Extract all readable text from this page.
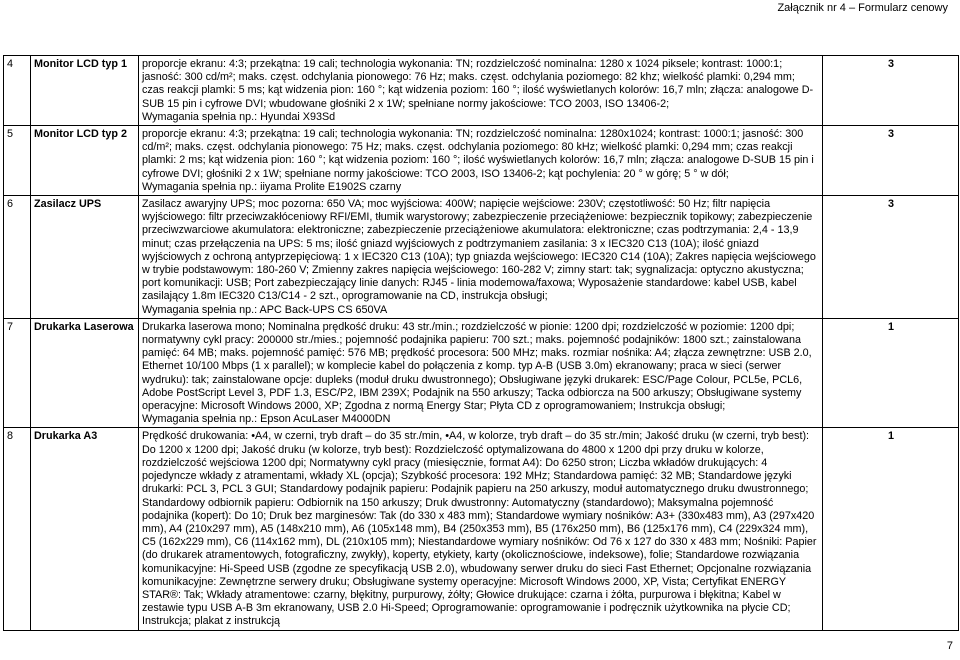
Załącznik nr 4 – Formularz cenowy
4	Monitor LCD typ 1	proporcje ekranu: 4:3; przekątna: 19 cali; technologia wykonania: TN; rozdzielczość nominalna: 1280 x 1024 piksele; kontrast: 1000:1; jasność: 300 cd/m²; maks. częst. odchylania pionowego: 76 Hz; maks. częst. odchylania poziomego: 82 khz; wielkość plamki: 0,294 mm; czas reakcji plamki: 5 ms; kąt widzenia pion: 160 °; kąt widzenia poziom: 160 °; ilość wyświetlanych kolorów: 16,7 mln; złącza: analogowe D-SUB 15 pin i cyfrowe DVI; wbudowane głośniki 2 x 1W; spełniane normy jakościowe: TCO 2003, ISO 13406-2;
Wymagania spełnia np.: Hyundai X93Sd	3
5	Monitor LCD typ 2	proporcje ekranu: 4:3; przekątna: 19 cali; technologia wykonania: TN; rozdzielczość nominalna: 1280x1024; kontrast: 1000:1; jasność: 300 cd/m²; maks. częst. odchylania pionowego: 75 Hz; maks. częst. odchylania poziomego: 80 kHz; wielkość plamki: 0,294 mm; czas reakcji plamki: 2 ms; kąt widzenia pion: 160 °; kąt widzenia poziom: 160 °; ilość wyświetlanych kolorów: 16,7 mln; złącza: analogowe D-SUB 15 pin i cyfrowe DVI; głośniki 2 x 1W; spełniane normy jakościowe: TCO 2003, ISO 13406-2; kąt pochylenia: 20 ° w górę; 5 ° w dół;
Wymagania spełnia np.: iiyama Prolite E1902S czarny	3
6	Zasilacz UPS	Zasilacz awaryjny UPS; moc pozorna: 650 VA; moc wyjściowa: 400W; napięcie wejściowe: 230V; częstotliwość: 50 Hz; filtr napięcia wyjściowego: filtr przeciwzakłóceniowy RFI/EMI, tłumik warystorowy; zabezpieczenie przeciążeniowe: bezpiecznik topikowy; zabezpieczenie przeciwzwarciowe akumulatora: elektroniczne; zabezpieczenie przeciążeniowe akumulatora: elektroniczne; czas podtrzymania: 2,4 - 13,9 minut; czas przełączenia na UPS: 5 ms; ilość gniazd wyjściowych z podtrzymaniem zasilania: 3 x IEC320 C13 (10A); ilość gniazd wyjściowych z ochroną antyprzepięciową: 1 x IEC320 C13 (10A); typ gniazda wejściowego: IEC320 C14 (10A); Zakres napięcia wejściowego w trybie podstawowym: 180-260 V; Zmienny zakres napięcia wejściowego: 160-282 V; zimny start: tak; sygnalizacja: optyczno akustyczna; port komunikacji: USB; Port zabezpieczający linie danych: RJ45 - linia modemowa/faxowa; Wyposażenie standardowe: kabel USB, kabel zasilający 1.8m IEC320 C13/C14 - 2 szt., oprogramowanie na CD, instrukcja obsługi;
Wymagania spełnia np.: APC Back-UPS CS 650VA	3
7	Drukarka Laserowa	Drukarka laserowa mono; Nominalna prędkość druku: 43 str./min.; rozdzielczość w pionie: 1200 dpi; rozdzielczość w poziomie: 1200 dpi; normatywny cykl pracy: 200000 str./mies.; pojemność podajnika papieru: 700 szt.; maks. pojemność podajników: 1800 szt.; zainstalowana pamięć: 64 MB; maks. pojemność pamięć: 576 MB; prędkość procesora: 500 MHz; maks. rozmiar nośnika: A4; złącza zewnętrzne: USB 2.0, Ethernet 10/100 Mbps (1 x parallel); w komplecie kabel do połączenia z komp. typ A-B (USB 3.0m) ekranowany; praca w sieci (serwer wydruku): tak; zainstalowane opcje: dupleks (moduł druku dwustronnego); Obsługiwane języki drukarek: ESC/Page Colour, PCL5e, PCL6, Adobe PostScript Level 3, PDF 1.3, ESC/P2, IBM 239X; Podajnik na 550 arkuszy; Tacka odbiorcza na 500 arkuszy; Obsługiwane systemy operacyjne: Microsoft Windows 2000, XP; Zgodna z normą Energy Star; Płyta CD z oprogramowaniem; Instrukcja obsługi;
Wymagania spełnia np.: Epson AcuLaser M4000DN	1
8	Drukarka A3	Prędkość drukowania: •A4, w czerni, tryb draft – do 35 str./min, •A4, w kolorze, tryb draft – do 35 str./min; Jakość druku (w czerni, tryb best): Do 1200 x 1200 dpi; Jakość druku (w kolorze, tryb best): Rozdzielczość optymalizowana do 4800 x 1200 dpi przy druku w kolorze, rozdzielczość wejściowa 1200 dpi; Normatywny cykl pracy (miesięcznie, format A4): Do 6250 stron; Liczba wkładów drukujących: 4 pojedyncze wkłady z atramentami, wkłady XL (opcja); Szybkość procesora: 192 MHz; Standardowa pamięć: 32 MB; Standardowe języki drukarki: PCL 3, PCL 3 GUI; Standardowy podajnik papieru: Podajnik papieru na 250 arkuszy, moduł automatycznego druku dwustronnego; Standardowy odbiornik papieru: Odbiornik na 150 arkuszy; Druk dwustronny: Automatyczny (standardowo); Maksymalna pojemność podajnika (kopert): Do 10; Druk bez marginesów: Tak (do 330 x 483 mm); Standardowe wymiary nośników: A3+ (330x483 mm), A3 (297x420 mm), A4 (210x297 mm), A5 (148x210 mm), A6 (105x148 mm), B4 (250x353 mm), B5 (176x250 mm), B6 (125x176 mm), C4 (229x324 mm), C5 (162x229 mm), C6 (114x162 mm), DL (210x105 mm); Niestandardowe wymiary nośników: Od 76 x 127 do 330 x 483 mm; Nośniki: Papier (do drukarek atramentowych, fotograficzny, zwykły), koperty, etykiety, karty (okolicznościowe, indeksowe), folie; Standardowe rozwiązania komunikacyjne: Hi-Speed USB (zgodne ze specyfikacją USB 2.0), wbudowany serwer druku do sieci Fast Ethernet; Opcjonalne rozwiązania komunikacyjne: Zewnętrzne serwery druku; Obsługiwane systemy operacyjne: Microsoft Windows 2000, XP, Vista; Certyfikat ENERGY STAR®: Tak; Wkłady atramentowe: czarny, błękitny, purpurowy, żółty; Głowice drukujące: czarna i żółta, purpurowa i błękitna; Kabel w zestawie typu USB A-B 3m ekranowany, USB 2.0 Hi-Speed; Oprogramowanie: oprogramowanie i podręcznik użytkownika na płycie CD; Instrukcja; plakat z instrukcją	1
7
